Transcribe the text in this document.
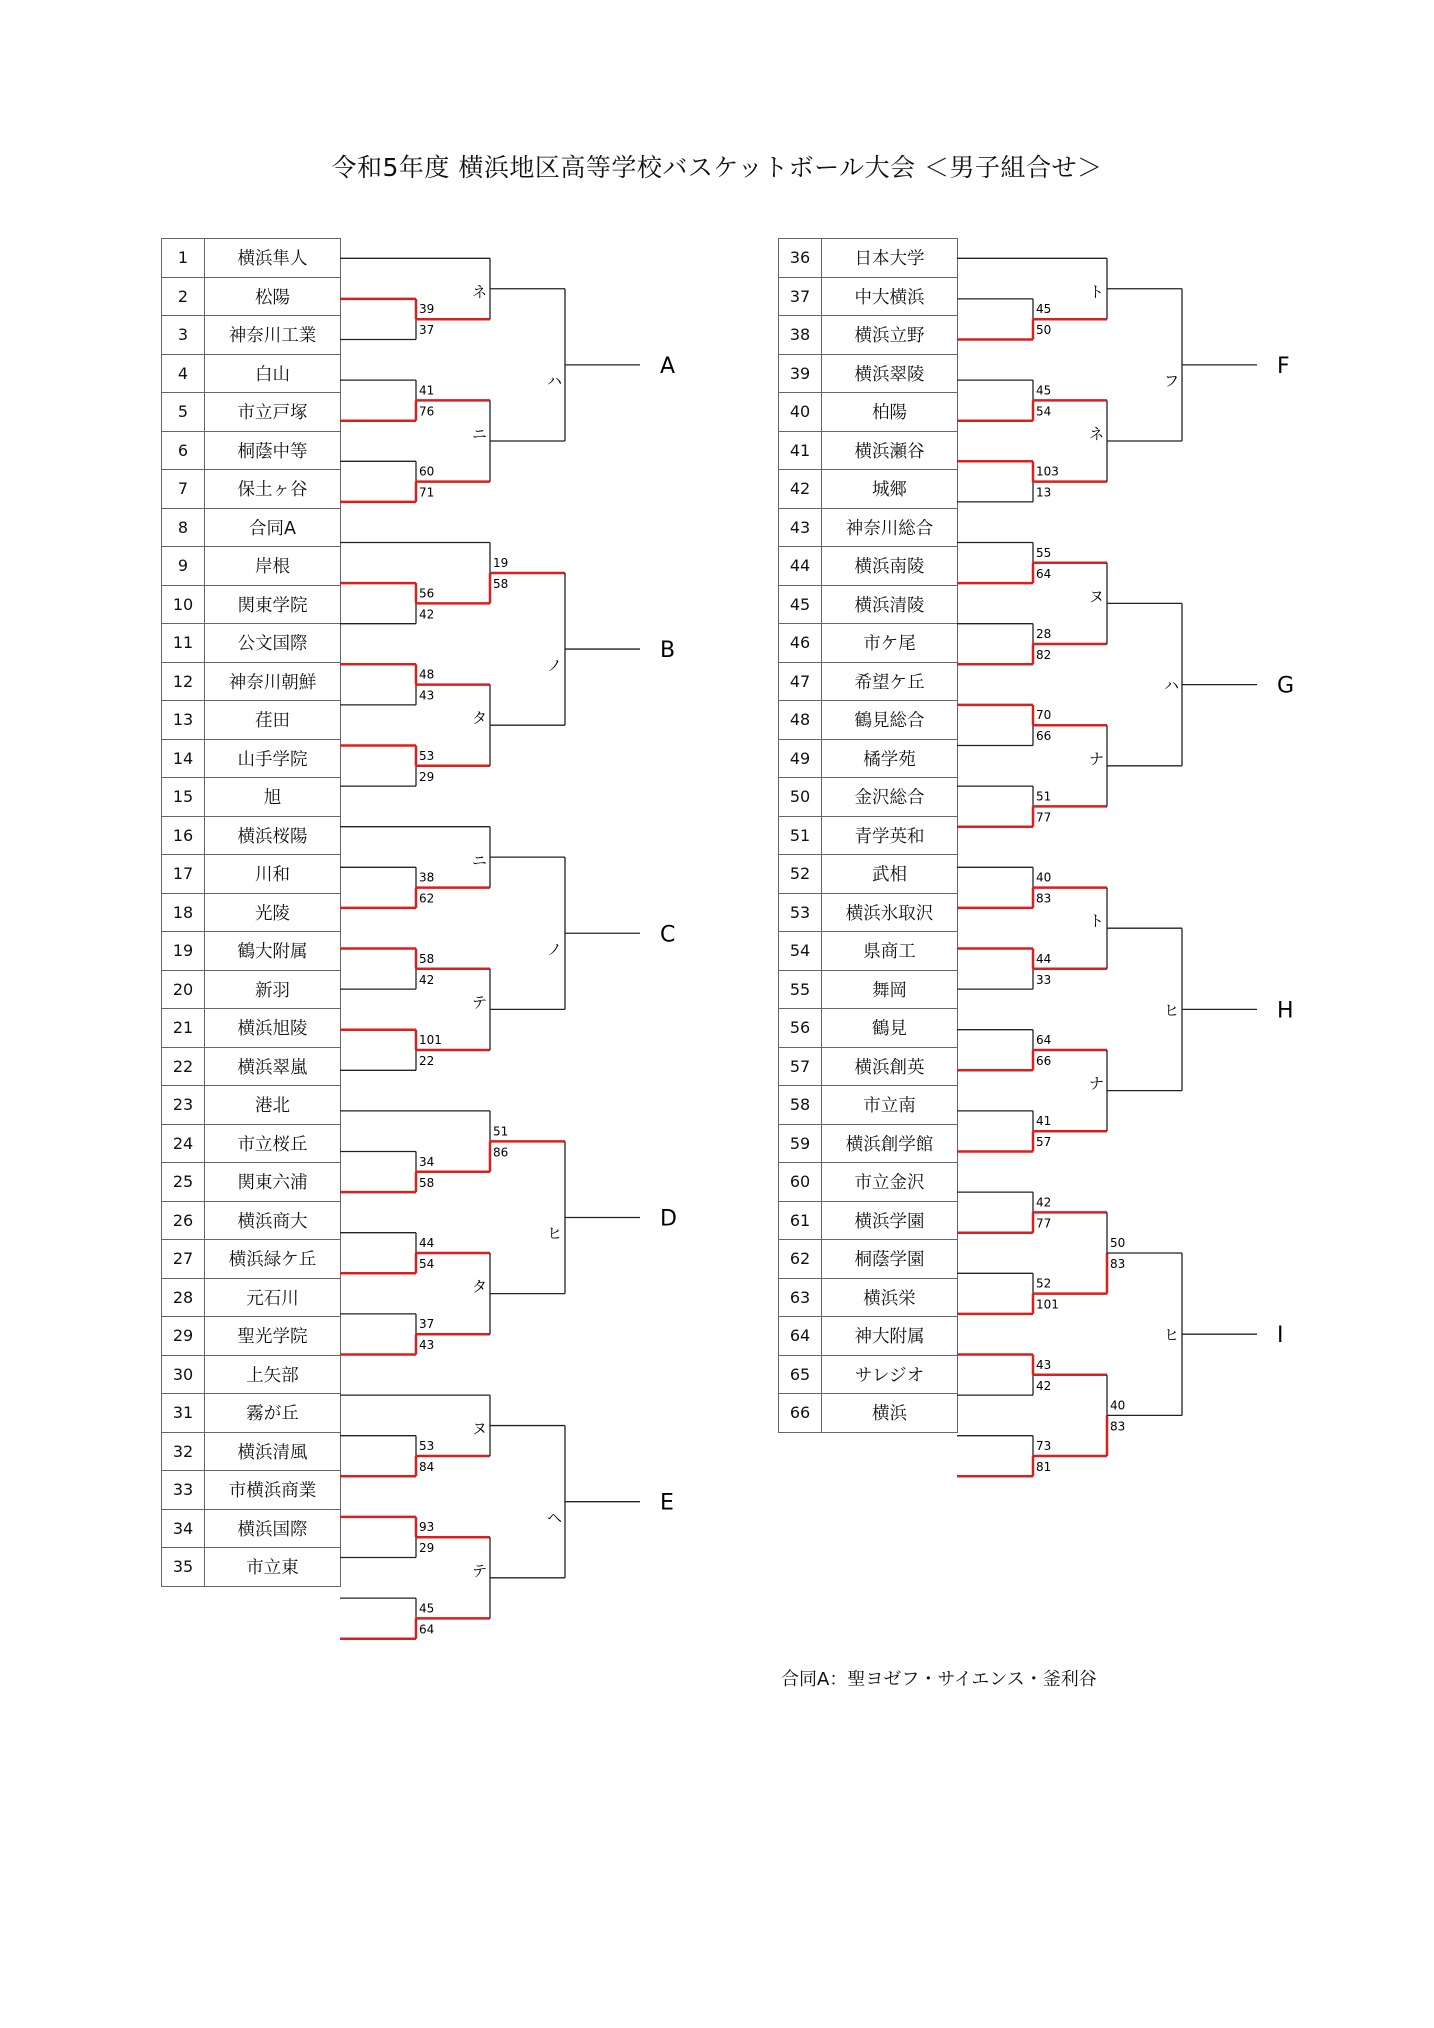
令和5年度 横浜地区高等学校バスケットボール大会 ＜男子組合せ＞
1	横浜隼人
2	松陽
3	神奈川工業
4	白山
5	市立戸塚
6	桐蔭中等
7	保土ヶ谷
8	合同A
9	岸根
10	関東学院
11	公文国際
12	神奈川朝鮮
13	荏田
14	山手学院
15	旭
16	横浜桜陽
17	川和
18	光陵
19	鶴大附属
20	新羽
21	横浜旭陵
22	横浜翠嵐
23	港北
24	市立桜丘
25	関東六浦
26	横浜商大
27	横浜緑ケ丘
28	元石川
29	聖光学院
30	上矢部
31	霧が丘
32	横浜清風
33	市横浜商業
34	横浜国際
35	市立東
36	日本大学
37	中大横浜
38	横浜立野
39	横浜翠陵
40	柏陽
41	横浜瀬谷
42	城郷
43	神奈川総合
44	横浜南陵
45	横浜清陵
46	市ケ尾
47	希望ケ丘
48	鶴見総合
49	橘学苑
50	金沢総合
51	青学英和
52	武相
53	横浜氷取沢
54	県商工
55	舞岡
56	鶴見
57	横浜創英
58	市立南
59	横浜創学館
60	市立金沢
61	横浜学園
62	桐蔭学園
63	横浜栄
64	神大附属
65	サレジオ
66	横浜
39
37
41
76
60
71
56
42
48
43
53
29
38
62
58
42
101
22
34
58
44
54
37
43
53
84
93
29
45
64
45
50
45
54
103
13
55
64
28
82
70
66
51
77
40
83
44
33
64
66
41
57
42
77
52
101
43
42
73
81
19
58
51
86
50
83
40
83
A
B
C
D
E
F
G
H
I
ネ
ニ
ハ
ノ
タ
ニ
テ
ノ
ヒ
タ
ヌ
テ
ヘ
ト
ネ
フ
ヌ
ナ
ハ
ト
ナ
ヒ
ヒ
合同A：聖ヨゼフ・サイエンス・釜利谷
